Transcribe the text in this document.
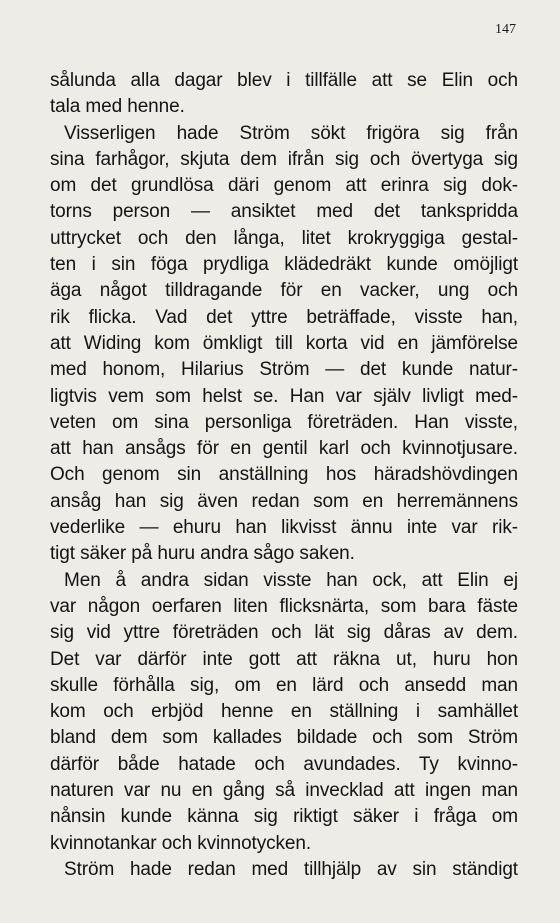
147
sålunda alla dagar blev i tillfälle att se Elin och
tala med henne.
Visserligen hade Ström sökt frigöra sig från
sina farhågor, skjuta dem ifrån sig och övertyga sig
om det grundlösa däri genom att erinra sig dok-
torns person — ansiktet med det tankspridda
uttrycket och den långa, litet krokryggiga gestal-
ten i sin föga prydliga klädedräkt kunde omöjligt
äga något tilldragande för en vacker, ung och
rik flicka. Vad det yttre beträffade, visste han,
att Widing kom ömkligt till korta vid en jämförelse
med honom, Hilarius Ström — det kunde natur-
ligtvis vem som helst se. Han var själv livligt med-
veten om sina personliga företräden. Han visste,
att han ansågs för en gentil karl och kvinnotjusare.
Och genom sin anställning hos häradshövdingen
ansåg han sig även redan som en herremännens
vederlike — ehuru han likvisst ännu inte var rik-
tigt säker på huru andra sågo saken.
Men å andra sidan visste han ock, att Elin ej
var någon oerfaren liten flicksnärta, som bara fäste
sig vid yttre företräden och lät sig dåras av dem.
Det var därför inte gott att räkna ut, huru hon
skulle förhålla sig, om en lärd och ansedd man
kom och erbjöd henne en ställning i samhället
bland dem som kallades bildade och som Ström
därför både hatade och avundades. Ty kvinno-
naturen var nu en gång så invecklad att ingen man
nånsin kunde känna sig riktigt säker i fråga om
kvinnotankar och kvinnotycken.
Ström hade redan med tillhjälp av sin ständigt
